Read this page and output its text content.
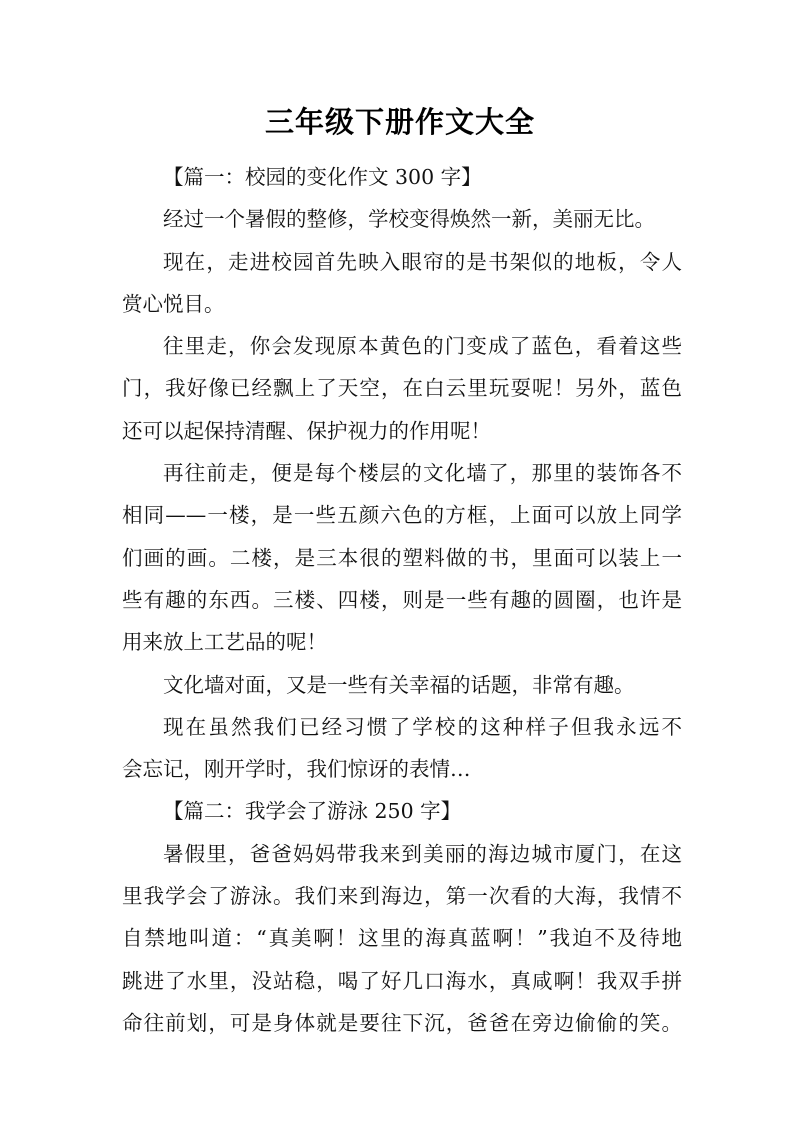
三年级下册作文大全
【篇一：校园的变化作文 300 字】
经过一个暑假的整修，学校变得焕然一新，美丽无比。
现在，走进校园首先映入眼帘的是书架似的地板，令人
赏心悦目。
往里走，你会发现原本黄色的门变成了蓝色，看着这些
门，我好像已经飘上了天空，在白云里玩耍呢！另外，蓝色
还可以起保持清醒、保护视力的作用呢！
再往前走，便是每个楼层的文化墙了，那里的装饰各不
相同——一楼，是一些五颜六色的方框，上面可以放上同学
们画的画。二楼，是三本很的塑料做的书，里面可以装上一
些有趣的东西。三楼、四楼，则是一些有趣的圆圈，也许是
用来放上工艺品的呢！
文化墙对面，又是一些有关幸福的话题，非常有趣。
现在虽然我们已经习惯了学校的这种样子但我永远不
会忘记，刚开学时，我们惊讶的表情…
【篇二：我学会了游泳 250 字】
暑假里，爸爸妈妈带我来到美丽的海边城市厦门，在这
里我学会了游泳。我们来到海边，第一次看的大海，我情不
自禁地叫道：“真美啊！这里的海真蓝啊！”我迫不及待地
跳进了水里，没站稳，喝了好几口海水，真咸啊！我双手拼
命往前划，可是身体就是要往下沉，爸爸在旁边偷偷的笑。
